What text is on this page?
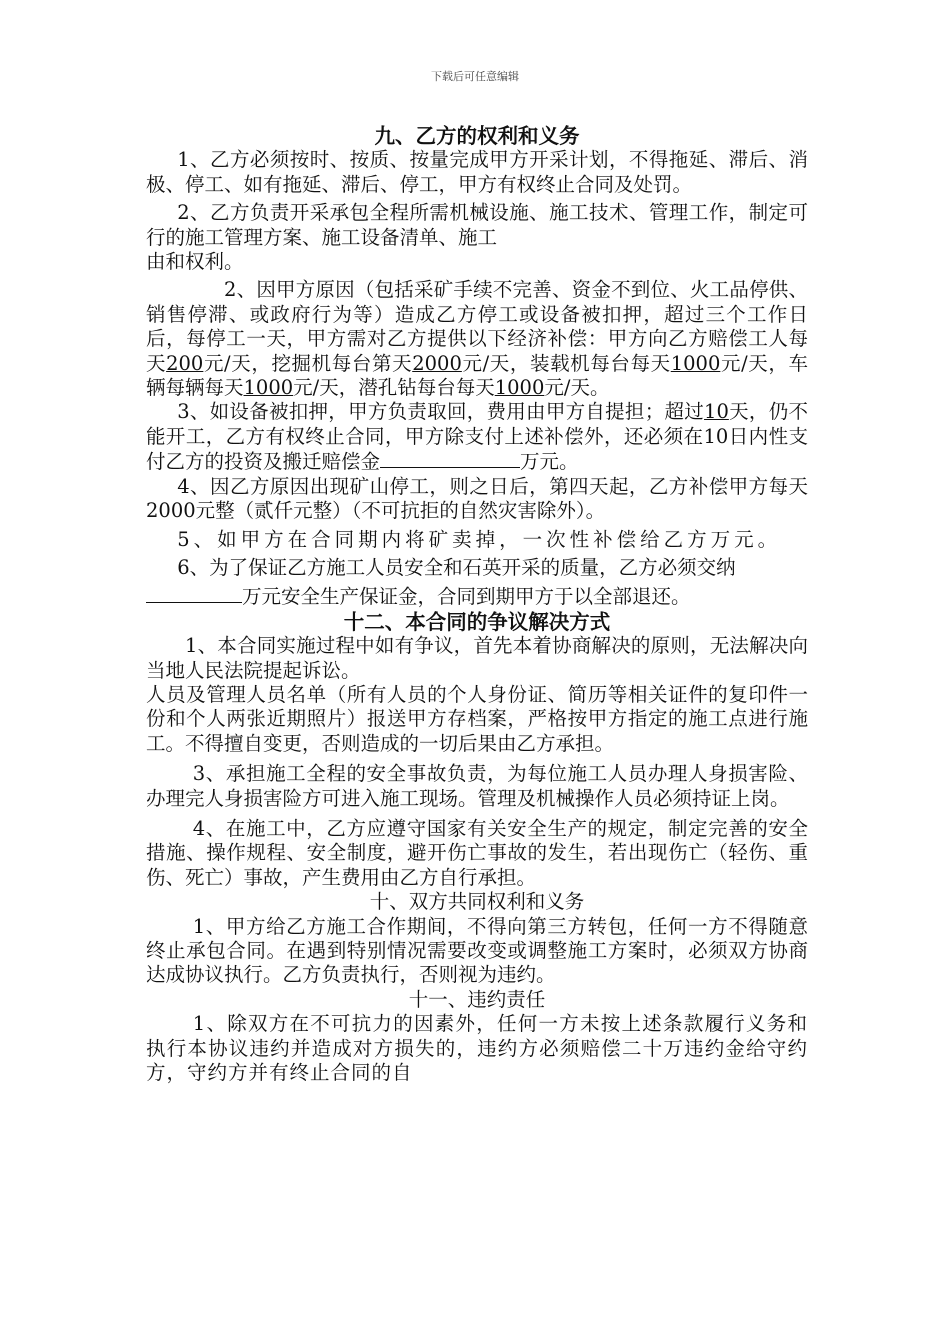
下载后可任意编辑

九、乙方的权利和义务

1、乙方必须按时、按质、按量完成甲方开采计划，不得拖延、滞后、消极、停工、如有拖延、滞后、停工，甲方有权终止合同及处罚。

2、乙方负责开采承包全程所需机械设施、施工技术、管理工作，制定可行的施工管理方案、施工设备清单、施工

由和权利。

2、因甲方原因（包括采矿手续不完善、资金不到位、火工品停供、销售停滞、或政府行为等）造成乙方停工或设备被扣押，超过三个工作日后，每停工一天，甲方需对乙方提供以下经济补偿：甲方向乙方赔偿工人每天200元/天，挖掘机每台第天2000元/天，装载机每台每天1000元/天，车辆每辆每天1000元/天，潜孔钻每台每天1000元/天。

3、如设备被扣押，甲方负责取回，费用由甲方自提担；超过10天，仍不能开工，乙方有权终止合同，甲方除支付上述补偿外，还必须在10日内性支付乙方的投资及搬迁赔偿金	万元。

4、因乙方原因出现矿山停工，则之日后，第四天起，乙方补偿甲方每天2000元整（贰仟元整）（不可抗拒的自然灾害除外）。

5、如甲方在合同期内将矿卖掉，一次性补偿给乙方万元。

6、为了保证乙方施工人员安全和石英开采的质量，乙方必须交纳

万元安全生产保证金，合同到期甲方于以全部退还。

十二、本合同的争议解决方式

1、本合同实施过程中如有争议，首先本着协商解决的原则，无法解决向当地人民法院提起诉讼。

人员及管理人员名单（所有人员的个人身份证、简历等相关证件的复印件一份和个人两张近期照片）报送甲方存档案，严格按甲方指定的施工点进行施工。不得擅自变更，否则造成的一切后果由乙方承担。

3、承担施工全程的安全事故负责，为每位施工人员办理人身损害险、办理完人身损害险方可进入施工现场。管理及机械操作人员必须持证上岗。

4、在施工中，乙方应遵守国家有关安全生产的规定，制定完善的安全措施、操作规程、安全制度，避开伤亡事故的发生，若出现伤亡（轻伤、重伤、死亡）事故，产生费用由乙方自行承担。

十、双方共同权利和义务

1、甲方给乙方施工合作期间，不得向第三方转包，任何一方不得随意终止承包合同。在遇到特别情况需要改变或调整施工方案时，必须双方协商达成协议执行。乙方负责执行，否则视为违约。

十一、违约责任

1、除双方在不可抗力的因素外，任何一方未按上述条款履行义务和执行本协议违约并造成对方损失的，违约方必须赔偿二十万违约金给守约方，守约方并有终止合同的自
